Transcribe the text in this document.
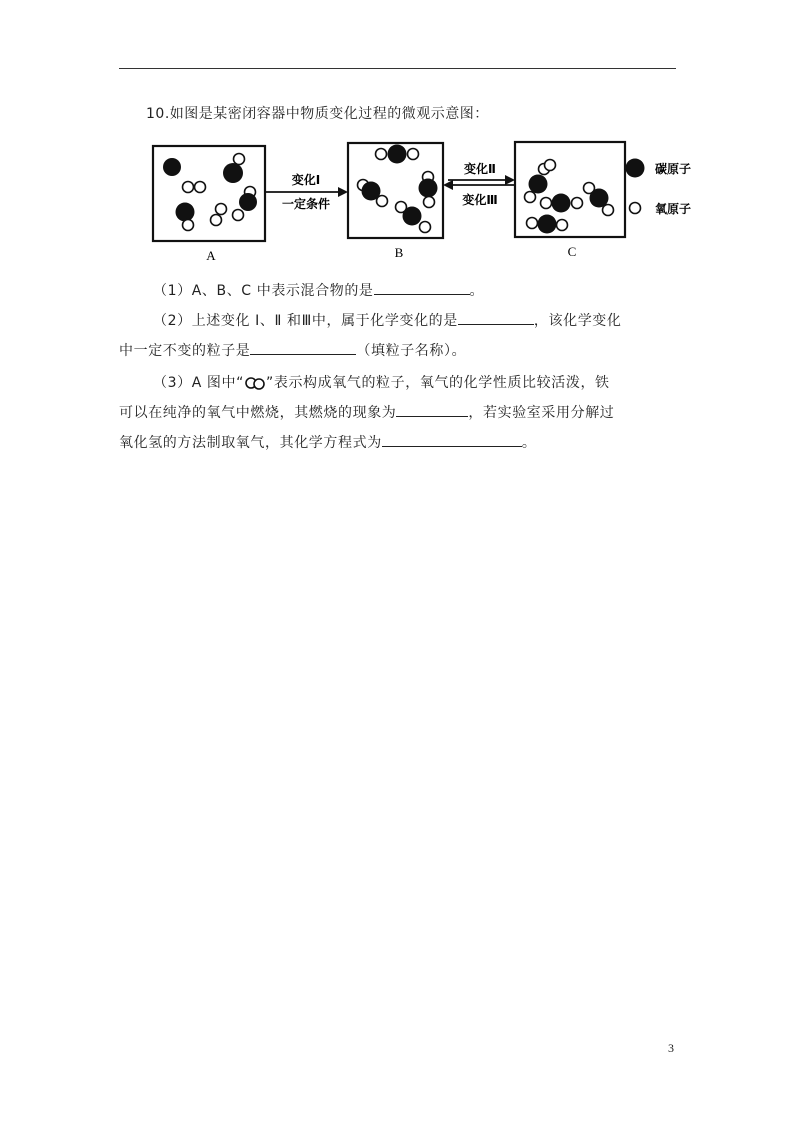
10.如图是某密闭容器中物质变化过程的微观示意图：
变化Ⅰ
一定条件
变化Ⅱ
变化Ⅲ
碳原子
氧原子
A	B	C
（1）A、B、C 中表示混合物的是	。
（2）上述变化 Ⅰ、Ⅱ 和Ⅲ中，属于化学变化的是	，该化学变化
中一定不变的粒子是	（填粒子名称）。
（3）A 图中“ ”表示构成氧气的粒子，氧气的化学性质比较活泼，铁
可以在纯净的氧气中燃烧，其燃烧的现象为	，若实验室采用分解过
氧化氢的方法制取氧气，其化学方程式为	。
3
